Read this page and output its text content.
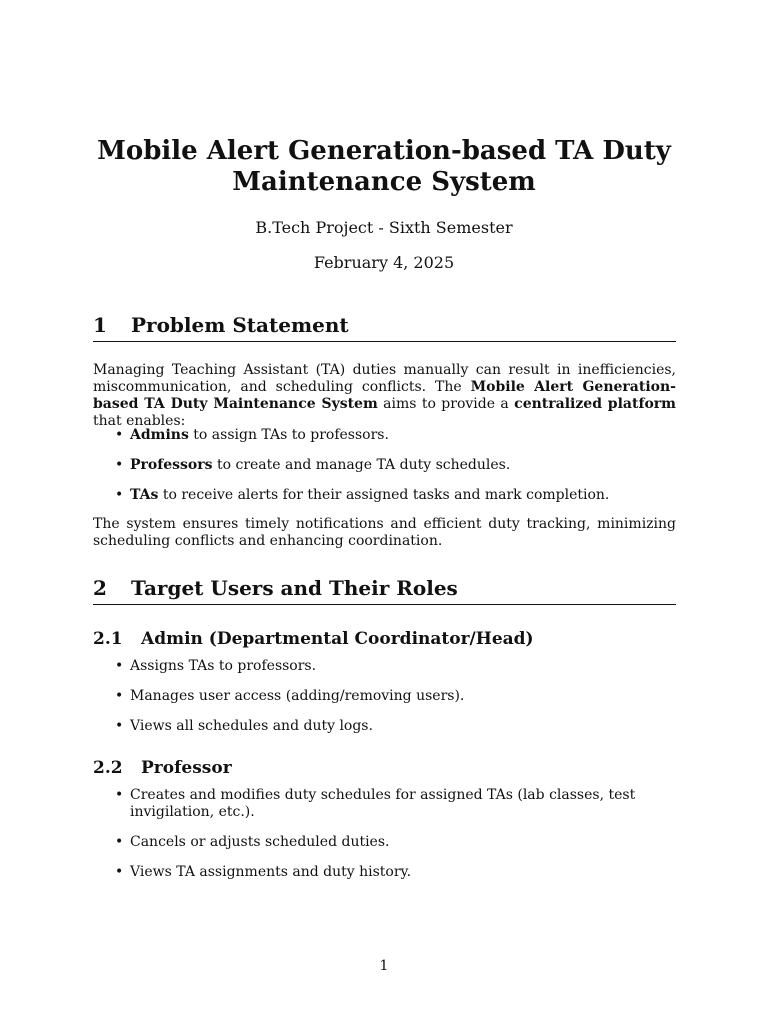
Mobile Alert Generation-based TA Duty
Maintenance System

B.Tech Project - Sixth Semester

February 4, 2025

1 Problem Statement

Managing Teaching Assistant (TA) duties manually can result in inefficiencies, miscommunication, and scheduling conflicts. The Mobile Alert Generation-based TA Duty Maintenance System aims to provide a centralized platform that enables:

• Admins to assign TAs to professors.
• Professors to create and manage TA duty schedules.
• TAs to receive alerts for their assigned tasks and mark completion.

The system ensures timely notifications and efficient duty tracking, minimizing scheduling conflicts and enhancing coordination.

2 Target Users and Their Roles
2.1 Admin (Departmental Coordinator/Head)
• Assigns TAs to professors.
• Manages user access (adding/removing users).
• Views all schedules and duty logs.
2.2 Professor
• Creates and modifies duty schedules for assigned TAs (lab classes, test invigilation, etc.).
• Cancels or adjusts scheduled duties.
• Views TA assignments and duty history.

1
